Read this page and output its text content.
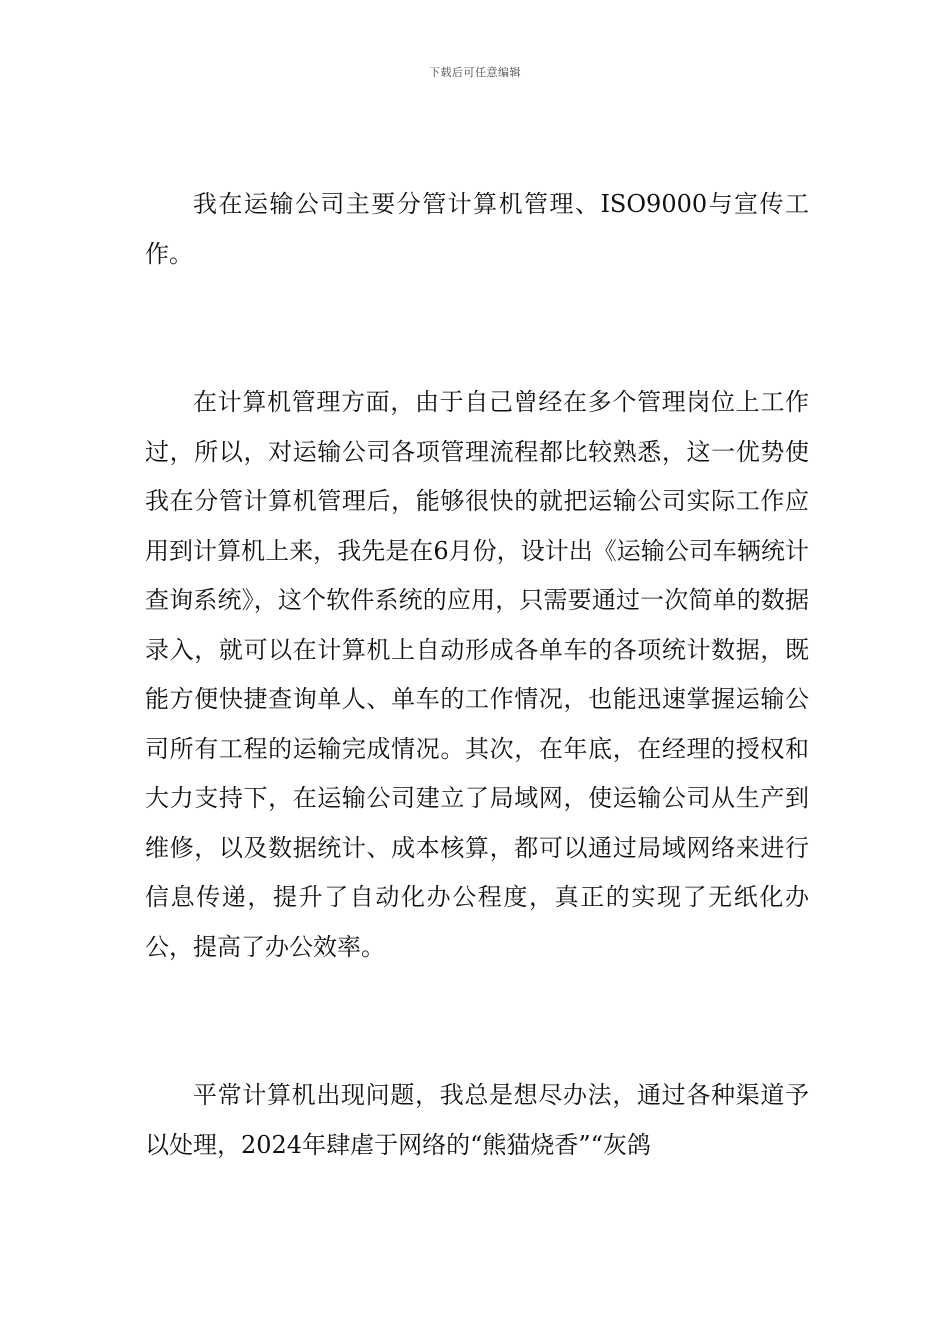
下载后可任意编辑

我在运输公司主要分管计算机管理、ISO9000与宣传工作。

在计算机管理方面，由于自己曾经在多个管理岗位上工作过，所以，对运输公司各项管理流程都比较熟悉，这一优势使我在分管计算机管理后，能够很快的就把运输公司实际工作应用到计算机上来，我先是在6月份，设计出《运输公司车辆统计查询系统》，这个软件系统的应用，只需要通过一次简单的数据录入，就可以在计算机上自动形成各单车的各项统计数据，既能方便快捷查询单人、单车的工作情况，也能迅速掌握运输公司所有工程的运输完成情况。其次，在年底，在经理的授权和大力支持下，在运输公司建立了局域网，使运输公司从生产到维修，以及数据统计、成本核算，都可以通过局域网络来进行信息传递，提升了自动化办公程度，真正的实现了无纸化办公，提高了办公效率。

平常计算机出现问题，我总是想尽办法，通过各种渠道予以处理，2024年肆虐于网络的“熊猫烧香”“灰鸽
